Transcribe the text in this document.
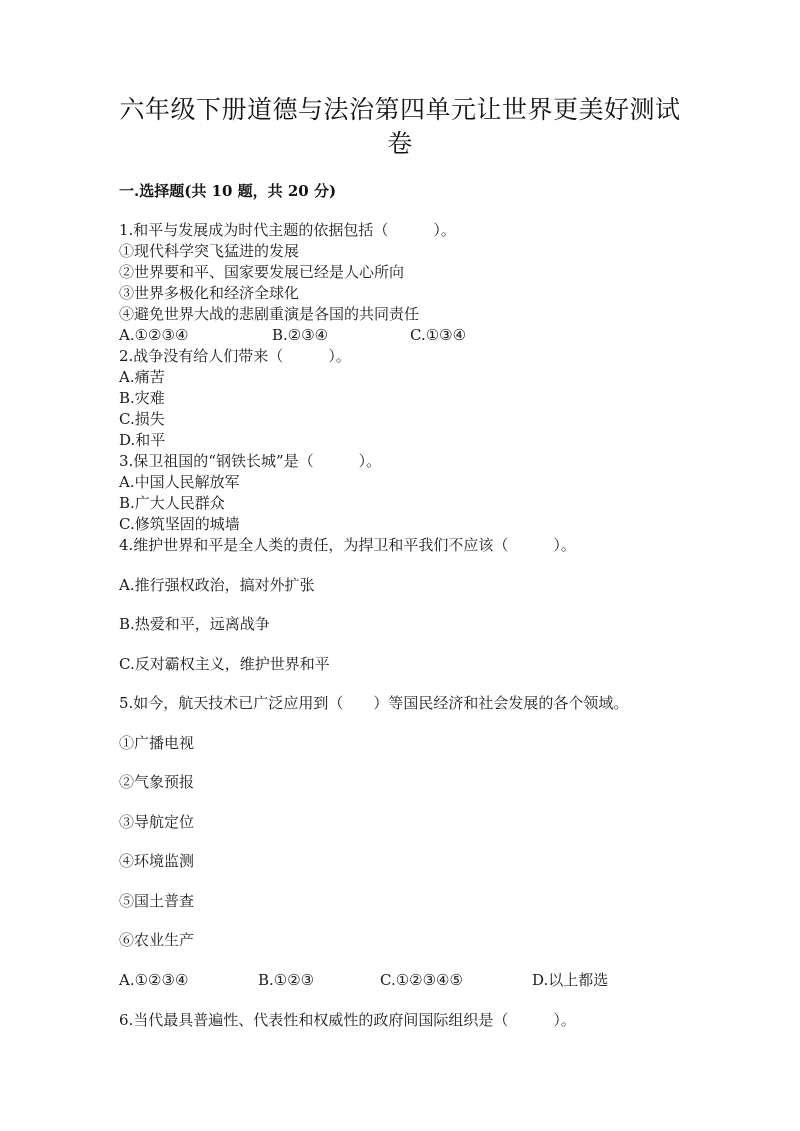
六年级下册道德与法治第四单元让世界更美好测试
卷
一.选择题(共 10 题，共 20 分)
1.和平与发展成为时代主题的依据包括（　　　）。
①现代科学突飞猛进的发展
②世界要和平、国家要发展已经是人心所向
③世界多极化和经济全球化
④避免世界大战的悲剧重演是各国的共同责任
A.①②③④	B.②③④	C.①③④
2.战争没有给人们带来（　　　）。
A.痛苦
B.灾难
C.损失
D.和平
3.保卫祖国的“钢铁长城”是（　　　）。
A.中国人民解放军
B.广大人民群众
C.修筑坚固的城墙
4.维护世界和平是全人类的责任，为捍卫和平我们不应该（　　　）。
A.推行强权政治，搞对外扩张
B.热爱和平，远离战争
C.反对霸权主义，维护世界和平
5.如今，航天技术已广泛应用到（　　）等国民经济和社会发展的各个领域。
①广播电视
②气象预报
③导航定位
④环境监测
⑤国土普查
⑥农业生产
A.①②③④	B.①②③	C.①②③④⑤	D.以上都选
6.当代最具普遍性、代表性和权威性的政府间国际组织是（　　　）。
